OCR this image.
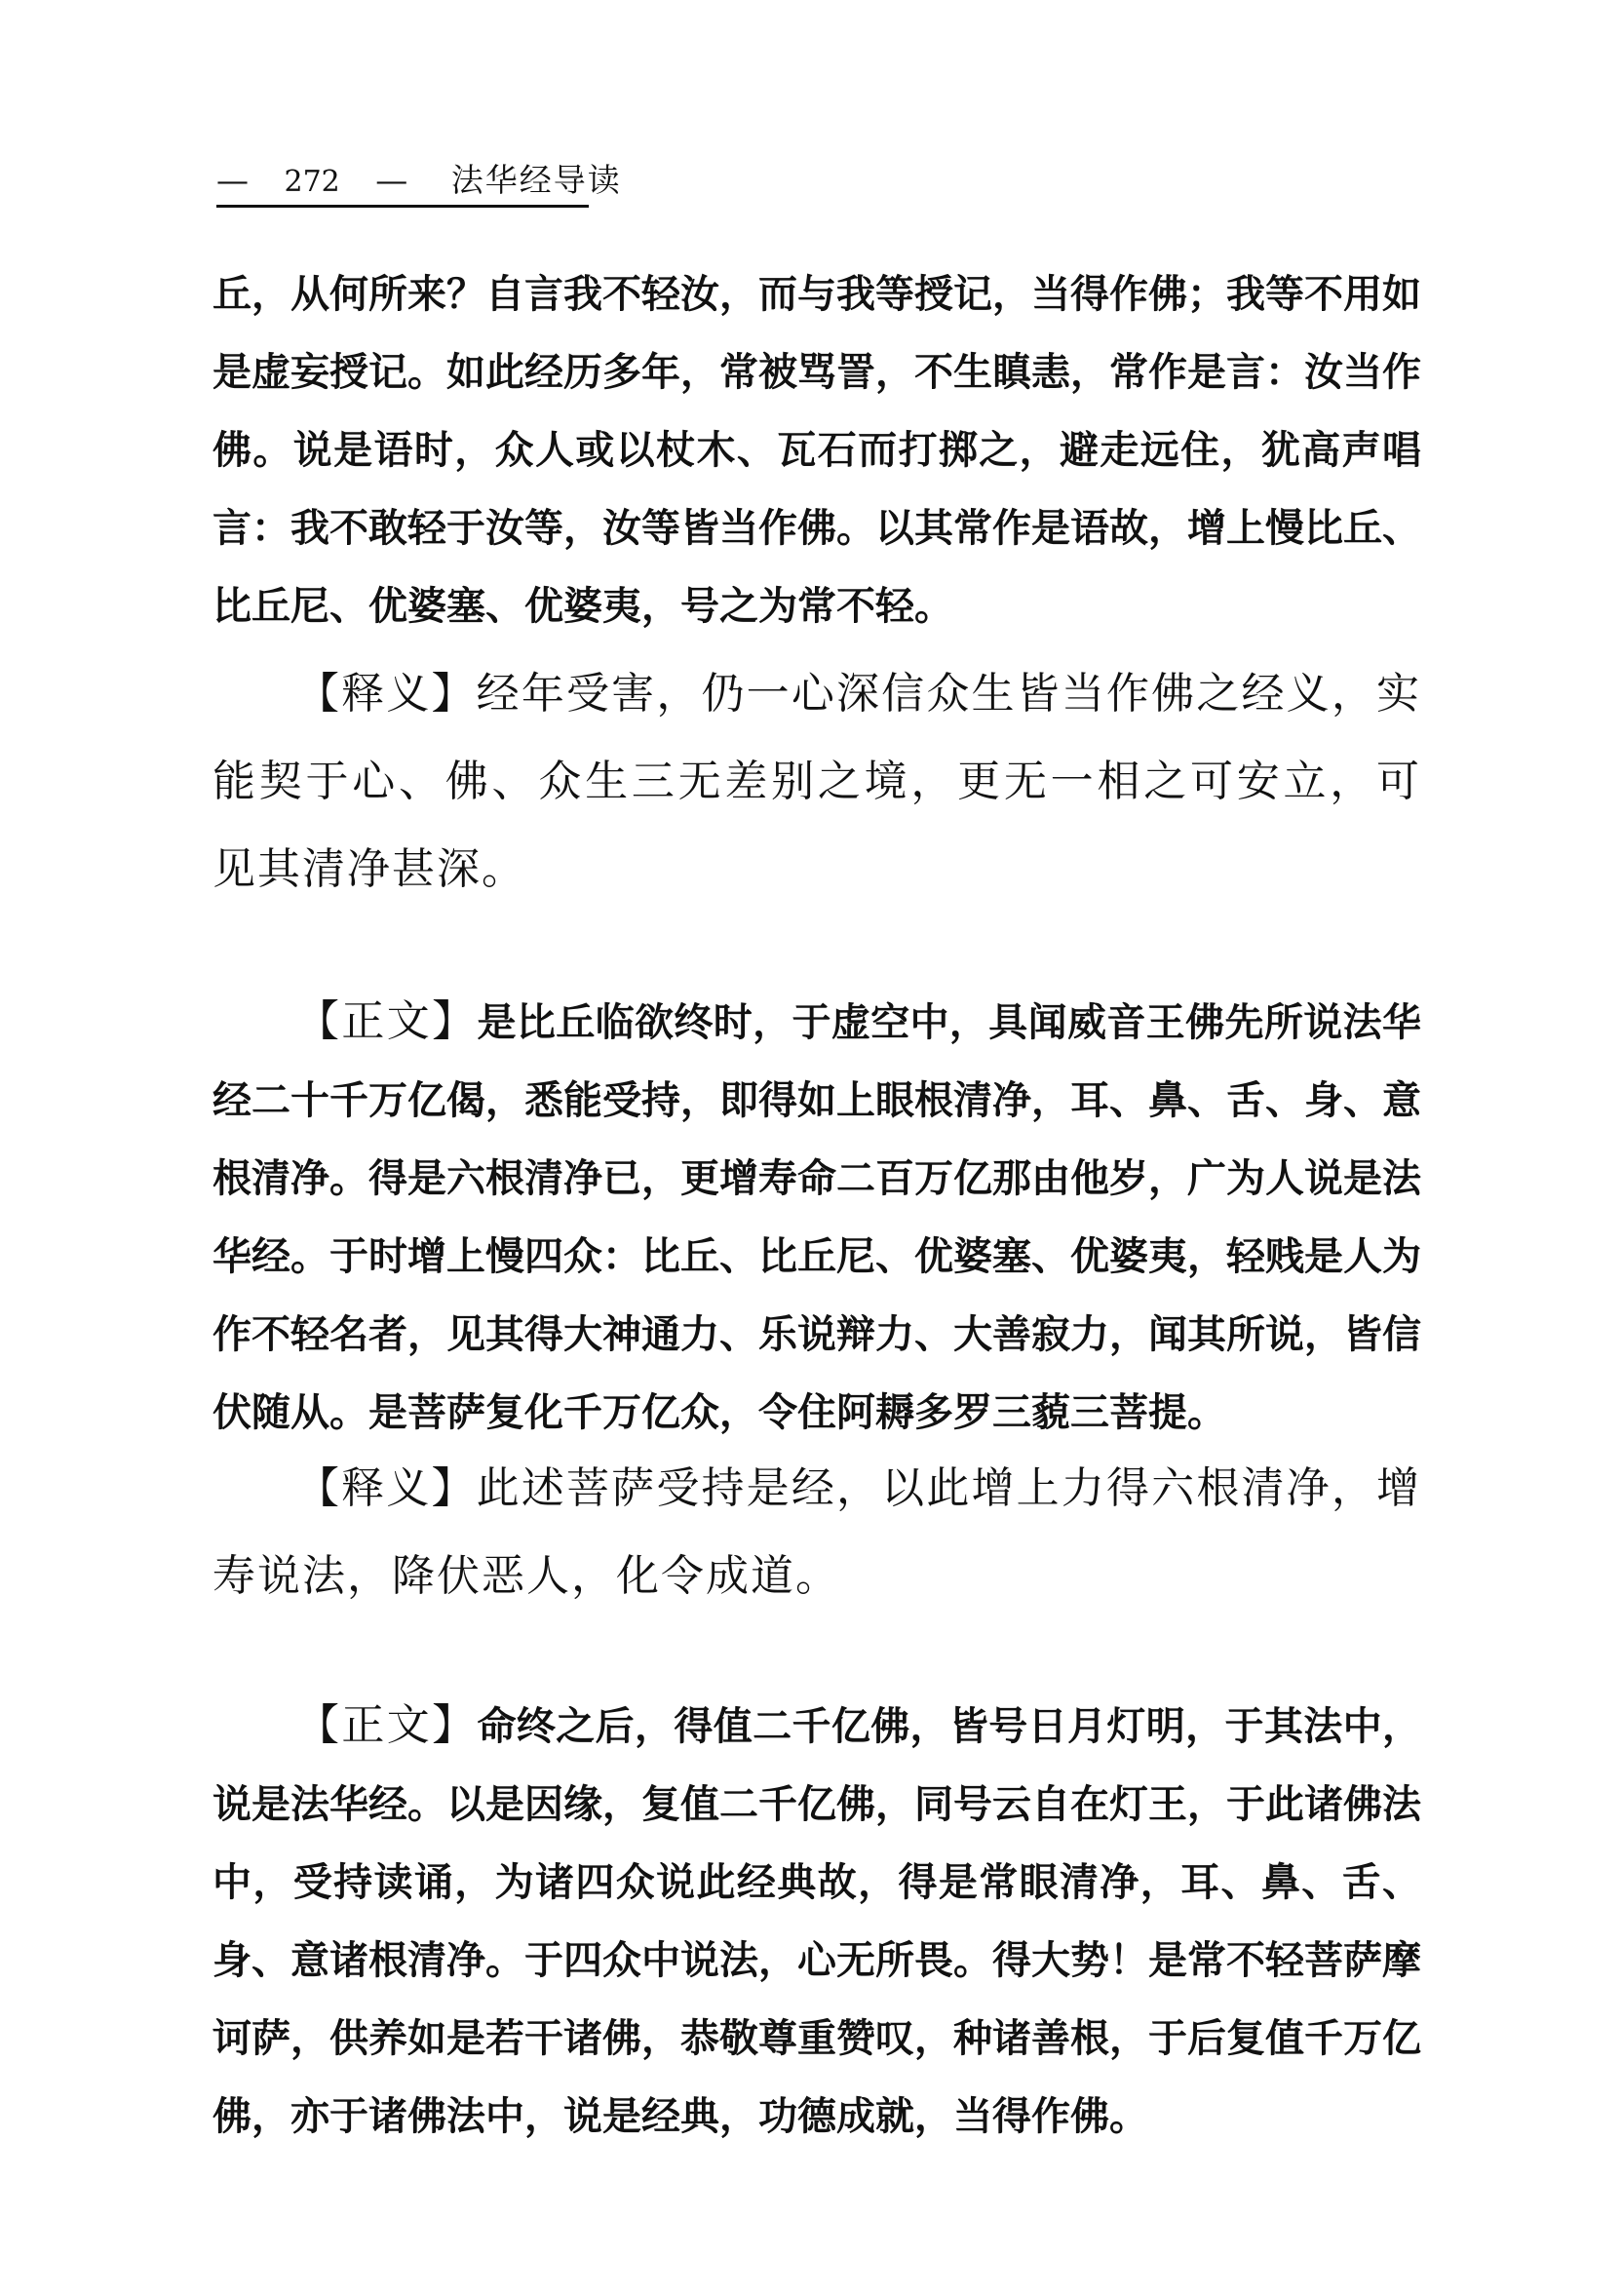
— 272 — 法华经导读

丘，从何所来？自言我不轻汝，而与我等授记，当得作佛；我等不用如是虚妄授记。如此经历多年，常被骂詈，不生瞋恚，常作是言：汝当作佛。说是语时，众人或以杖木、瓦石而打掷之，避走远住，犹高声唱言：我不敢轻于汝等，汝等皆当作佛。以其常作是语故，增上慢比丘、比丘尼、优婆塞、优婆夷，号之为常不轻。

【释义】经年受害，仍一心深信众生皆当作佛之经义，实能契于心、佛、众生三无差别之境，更无一相之可安立，可见其清净甚深。

【正文】是比丘临欲终时，于虚空中，具闻威音王佛先所说法华经二十千万亿偈，悉能受持，即得如上眼根清净，耳、鼻、舌、身、意根清净。得是六根清净已，更增寿命二百万亿那由他岁，广为人说是法华经。于时增上慢四众：比丘、比丘尼、优婆塞、优婆夷，轻贱是人为作不轻名者，见其得大神通力、乐说辩力、大善寂力，闻其所说，皆信伏随从。是菩萨复化千万亿众，令住阿耨多罗三藐三菩提。

【释义】此述菩萨受持是经，以此增上力得六根清净，增寿说法，降伏恶人，化令成道。

【正文】命终之后，得值二千亿佛，皆号日月灯明，于其法中，说是法华经。以是因缘，复值二千亿佛，同号云自在灯王，于此诸佛法中，受持读诵，为诸四众说此经典故，得是常眼清净，耳、鼻、舌、身、意诸根清净。于四众中说法，心无所畏。得大势！是常不轻菩萨摩诃萨，供养如是若干诸佛，恭敬尊重赞叹，种诸善根，于后复值千万亿佛，亦于诸佛法中，说是经典，功德成就，当得作佛。
